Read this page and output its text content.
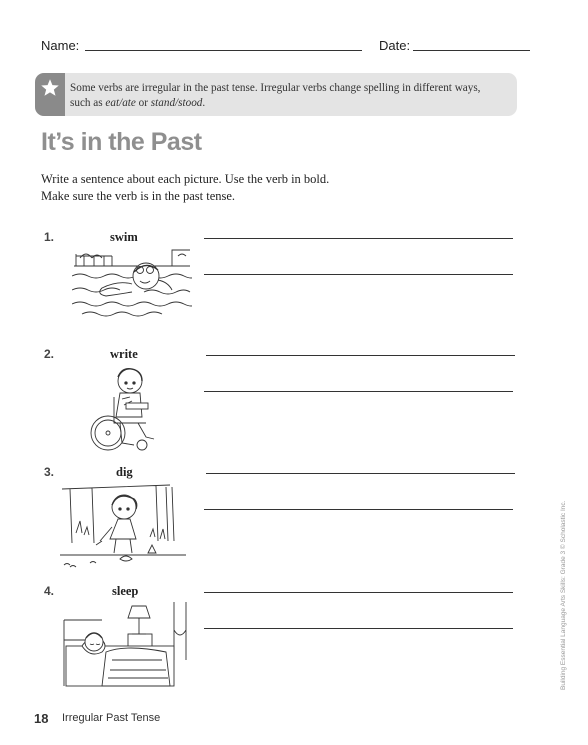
Name:	Date:
Some verbs are irregular in the past tense. Irregular verbs change spelling in different ways,
such as eat/ate or stand/stood.
It’s in the Past
Write a sentence about each picture. Use the verb in bold.
Make sure the verb is in the past tense.
1.	swim
2.	write
3.	dig
4.	sleep
18 Irregular Past Tense
Building Essential Language Arts Skills: Grade 3 © Scholastic Inc.
